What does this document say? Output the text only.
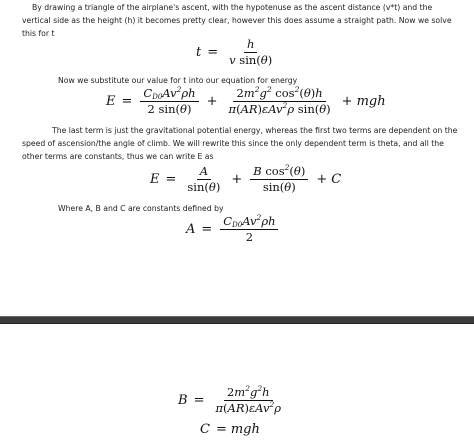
By drawing a triangle of the airplane's ascent, with the hypotenuse as the ascent distance (v*t) and the vertical side as the height (h) it becomes pretty clear, however this does assume a straight path. Now we solve this for t
$t = \frac{h}{\text{v sin(θ)}}$
Now we substitute our value for t into our equation for energy
$E = \frac{C_{D0}Av^2\rho h}{2 \sin(\theta)} + \frac{2m^2g^2 \cos^2(\theta)h}{\pi(AR)\varepsilon Av^2\rho \sin(\theta)}$ + mgh
The last term is just the gravitational potential energy, whereas the first two terms are dependent on the speed of ascension/the angle of climb. We will rewrite this since the only dependent term is theta, and all the other terms are constants, thus we can write E as
$E = \frac{A}{\sin(\theta)} + \frac{B \cos^2(\theta)}{\sin(\theta)} + C$
Where A, B and C are constants defined by
$A = \frac{C_{D0}Av^2\rho h}{2}$
$B = \frac{2m^2g^2h}{\pi(AR)\varepsilon Av^2\rho}$
C = mgh
